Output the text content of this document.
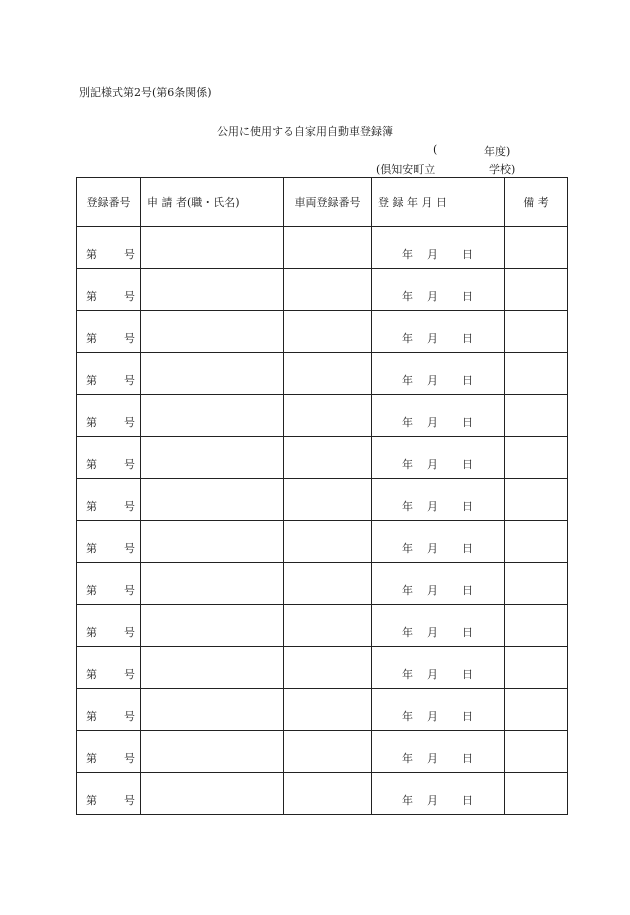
別記様式第2号(第6条関係)
公用に使用する自家用自動車登録簿
(	年度)
(倶知安町立	学校)
登録番号	申 請 者(職・氏名)	車両登録番号	登 録 年 月 日	備 考

第 号			年 月 日	

第 号			年 月 日	

第 号			年 月 日	

第 号			年 月 日	

第 号			年 月 日	

第 号			年 月 日	

第 号			年 月 日	

第 号			年 月 日	

第 号			年 月 日	

第 号			年 月 日	

第 号			年 月 日	

第 号			年 月 日	

第 号			年 月 日	

第 号			年 月 日	
